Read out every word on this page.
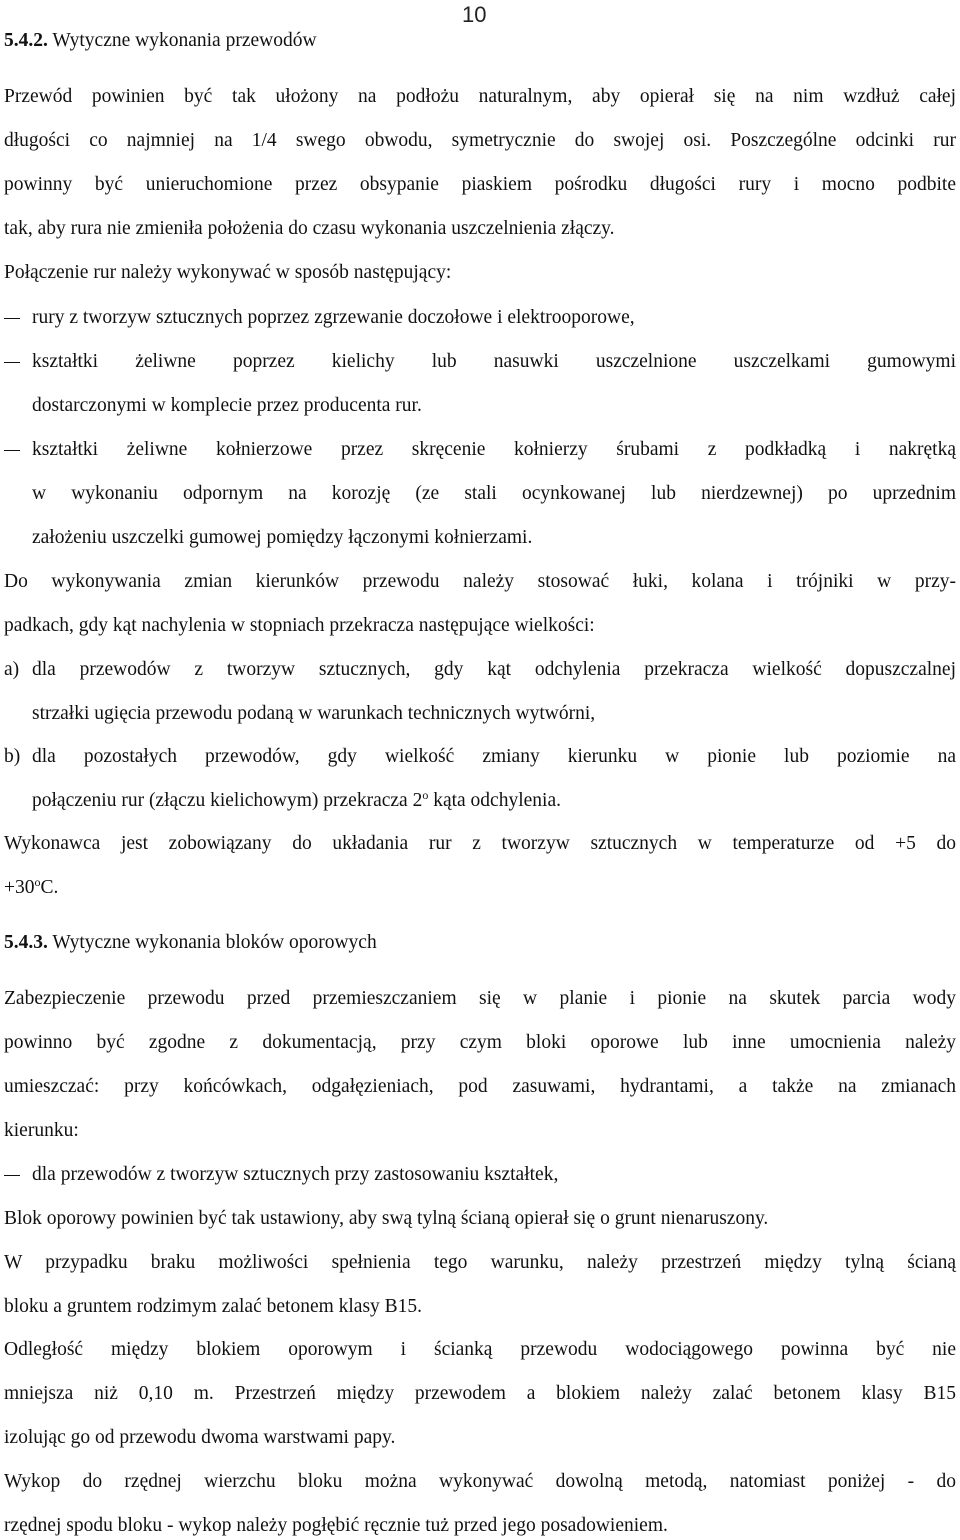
10
5.4.2. Wytyczne wykonania przewodów
Przewód powinien być tak ułożony na podłożu naturalnym, aby opierał się na nim wzdłuż całej
długości co najmniej na 1/4 swego obwodu, symetrycznie do swojej osi. Poszczególne odcinki rur
powinny być unieruchomione przez obsypanie piaskiem pośrodku długości rury i mocno podbite
tak, aby rura nie zmieniła położenia do czasu wykonania uszczelnienia złączy.
Połączenie rur należy wykonywać w sposób następujący:
rury z tworzyw sztucznych poprzez zgrzewanie doczołowe i elektrooporowe,
kształtki żeliwne poprzez kielichy lub nasuwki uszczelnione uszczelkami gumowymi
dostarczonymi w komplecie przez producenta rur.
kształtki żeliwne kołnierzowe przez skręcenie kołnierzy śrubami z podkładką i nakrętką
w wykonaniu odpornym na korozję (ze stali ocynkowanej lub nierdzewnej) po uprzednim
założeniu uszczelki gumowej pomiędzy łączonymi kołnierzami.
Do wykonywania zmian kierunków przewodu należy stosować łuki, kolana i trójniki w przy-
padkach, gdy kąt nachylenia w stopniach przekracza następujące wielkości:
a) dla przewodów z tworzyw sztucznych, gdy kąt odchylenia przekracza wielkość dopuszczalnej
strzałki ugięcia przewodu podaną w warunkach technicznych wytwórni,
b) dla pozostałych przewodów, gdy wielkość zmiany kierunku w pionie lub poziomie na
połączeniu rur (złączu kielichowym) przekracza 2$^o$ kąta odchylenia.
Wykonawca jest zobowiązany do układania rur z tworzyw sztucznych w temperaturze od +5 do
$+30^oC$.
5.4.3. Wytyczne wykonania bloków oporowych
Zabezpieczenie przewodu przed przemieszczaniem się w planie i pionie na skutek parcia wody
powinno być zgodne z dokumentacją, przy czym bloki oporowe lub inne umocnienia należy
umieszczać: przy końcówkach, odgałęzieniach, pod zasuwami, hydrantami, a także na zmianach
kierunku:
dla przewodów z tworzyw sztucznych przy zastosowaniu kształtek,
Blok oporowy powinien być tak ustawiony, aby swą tylną ścianą opierał się o grunt nienaruszony.
W przypadku braku możliwości spełnienia tego warunku, należy przestrzeń między tylną ścianą
bloku a gruntem rodzimym zalać betonem klasy B15.
Odległość między blokiem oporowym i ścianką przewodu wodociągowego powinna być nie
mniejsza niż 0,10 m. Przestrzeń między przewodem a blokiem należy zalać betonem klasy B15
izolując go od przewodu dwoma warstwami papy.
Wykop do rzędnej wierzchu bloku można wykonywać dowolną metodą, natomiast poniżej - do
rzędnej spodu bloku - wykop należy pogłębić ręcznie tuż przed jego posadowieniem.
